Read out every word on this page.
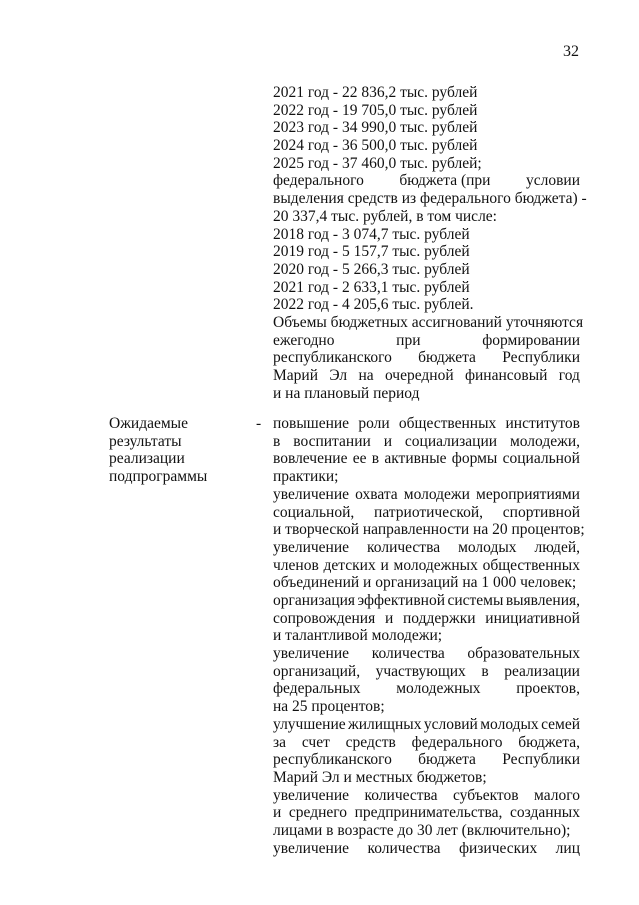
32
2021 год - 22 836,2 тыс. рублей
2022 год - 19 705,0 тыс. рублей
2023 год - 34 990,0 тыс. рублей
2024 год - 36 500,0 тыс. рублей
2025 год - 37 460,0 тыс. рублей;
федерального бюджета (при условии
выделения средств из федерального бюджета) -
20 337,4 тыс. рублей, в том числе:
2018 год - 3 074,7 тыс. рублей
2019 год - 5 157,7 тыс. рублей
2020 год - 5 266,3 тыс. рублей
2021 год - 2 633,1 тыс. рублей
2022 год - 4 205,6 тыс. рублей.
Объемы бюджетных ассигнований уточняются
ежегодно	при	формировании
республиканского бюджета Республики
Марий Эл на очередной финансовый год
и на плановый период
Ожидаемые
результаты
реализации
подпрограммы
- повышение роли общественных институтов
в воспитании и социализации молодежи,
вовлечение ее в активные формы социальной
практики;
увеличение охвата молодежи мероприятиями
социальной, патриотической, спортивной
и творческой направленности на 20 процентов;
увеличение количества молодых людей,
членов детских и молодежных общественных
объединений и организаций на 1 000 человек;
организация эффективной системы выявления,
сопровождения и поддержки инициативной
и талантливой молодежи;
увеличение количества образовательных
организаций, участвующих в реализации
федеральных молодежных проектов,
на 25 процентов;
улучшение жилищных условий молодых семей
за счет средств федерального бюджета,
республиканского бюджета Республики
Марий Эл и местных бюджетов;
увеличение количества субъектов малого
и среднего предпринимательства, созданных
лицами в возрасте до 30 лет (включительно);
увеличение количества физических лиц
